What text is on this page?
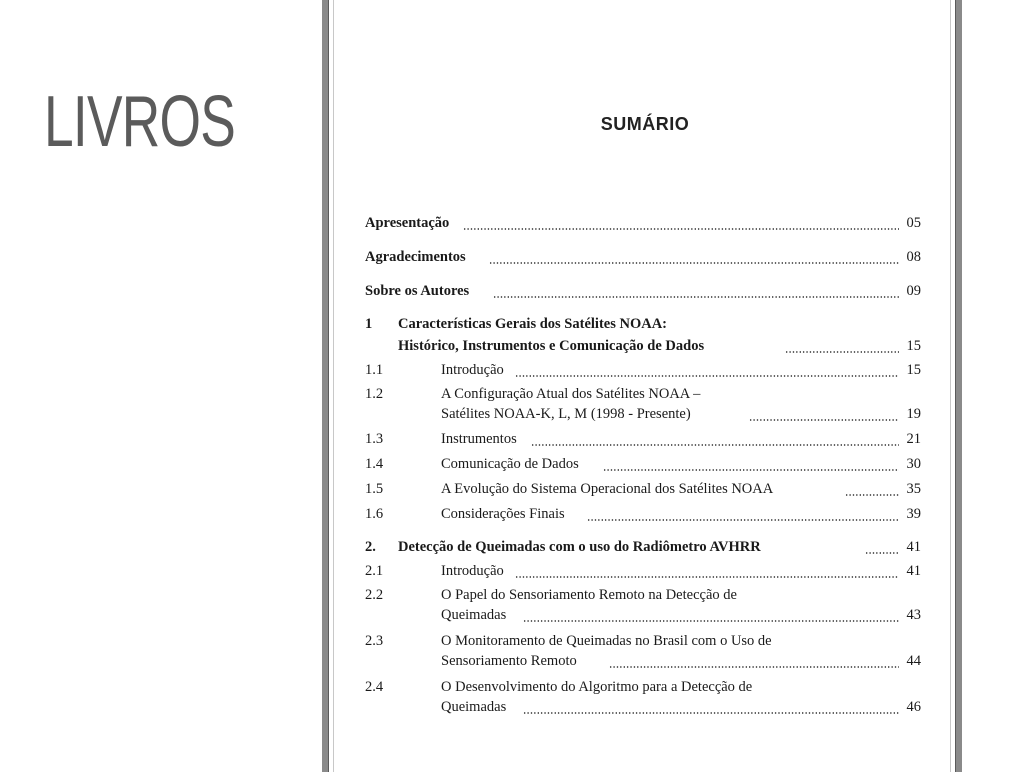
LIVROS	SUMÁRIO
Apresentação	05
Agradecimentos	08
Sobre os Autores	09
1 Características Gerais dos Satélites NOAA:
Histórico, Instrumentos e Comunicação de Dados	15
1.1	Introdução	15
1.2	A Configuração Atual dos Satélites NOAA –
Satélites NOAA-K, L, M (1998 - Presente)	19
1.3	Instrumentos	21
1.4	Comunicação de Dados	30
1.5	A Evolução do Sistema Operacional dos Satélites NOAA	35
1.6	Considerações Finais	39
2. Detecção de Queimadas com o uso do Radiômetro AVHRR	41
2.1	Introdução	41
2.2	O Papel do Sensoriamento Remoto na Detecção de
Queimadas	43
2.3	O Monitoramento de Queimadas no Brasil com o Uso de
Sensoriamento Remoto	44
2.4	O Desenvolvimento do Algoritmo para a Detecção de
Queimadas	46
